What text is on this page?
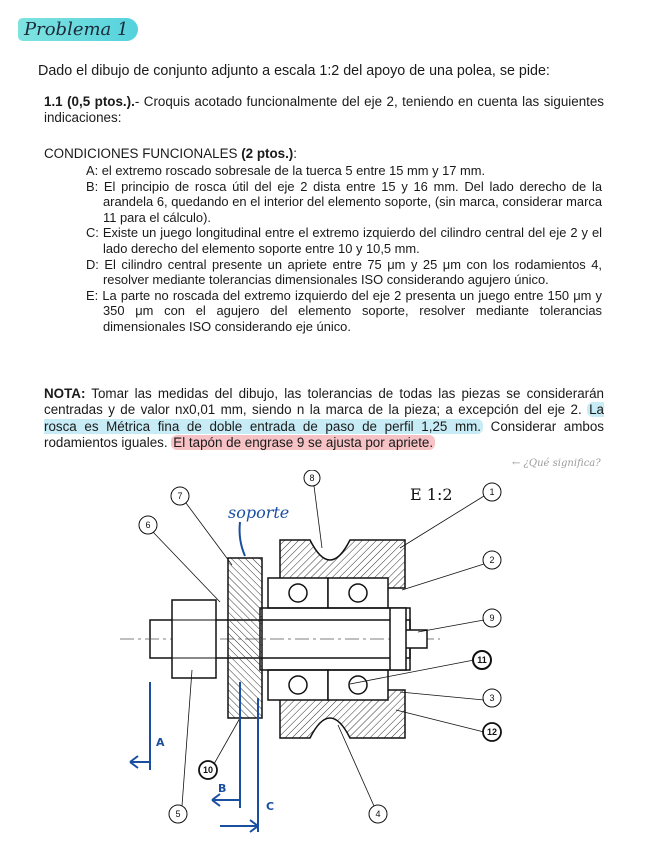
Problema 1
Dado el dibujo de conjunto adjunto a escala 1:2 del apoyo de una polea, se pide:
1.1 (0,5 ptos.).- Croquis acotado funcionalmente del eje 2, teniendo en cuenta las siguientes indicaciones:
CONDICIONES FUNCIONALES (2 ptos.):

A: el extremo roscado sobresale de la tuerca 5 entre 15 mm y 17 mm.

B: El principio de rosca útil del eje 2 dista entre 15 y 16 mm. Del lado derecho de la arandela 6, quedando en el interior del elemento soporte, (sin marca, considerar marca 11 para el cálculo).

C: Existe un juego longitudinal entre el extremo izquierdo del cilindro central del eje 2 y el lado derecho del elemento soporte entre 10 y 10,5 mm.

D: El cilindro central presente un apriete entre 75 μm y 25 μm con los rodamientos 4, resolver mediante tolerancias dimensionales ISO considerando agujero único.

E: La parte no roscada del extremo izquierdo del eje 2 presenta un juego entre 150 μm y 350 μm con el agujero del elemento soporte, resolver mediante tolerancias dimensionales ISO considerando eje único.

NOTA: Tomar las medidas del dibujo, las tolerancias de todas las piezas se considerarán centradas y de valor nx0,01 mm, siendo n la marca de la pieza; a excepción del eje 2. La rosca es Métrica fina de doble entrada de paso de perfil 1,25 mm. Considerar ambos rodamientos iguales. El tapón de engrase 9 se ajusta por apriete.
← ¿Qué significa?
E 1:2
soporte
1
2
3
4
5
6
7
8
9
10
11
12
A
B
C
